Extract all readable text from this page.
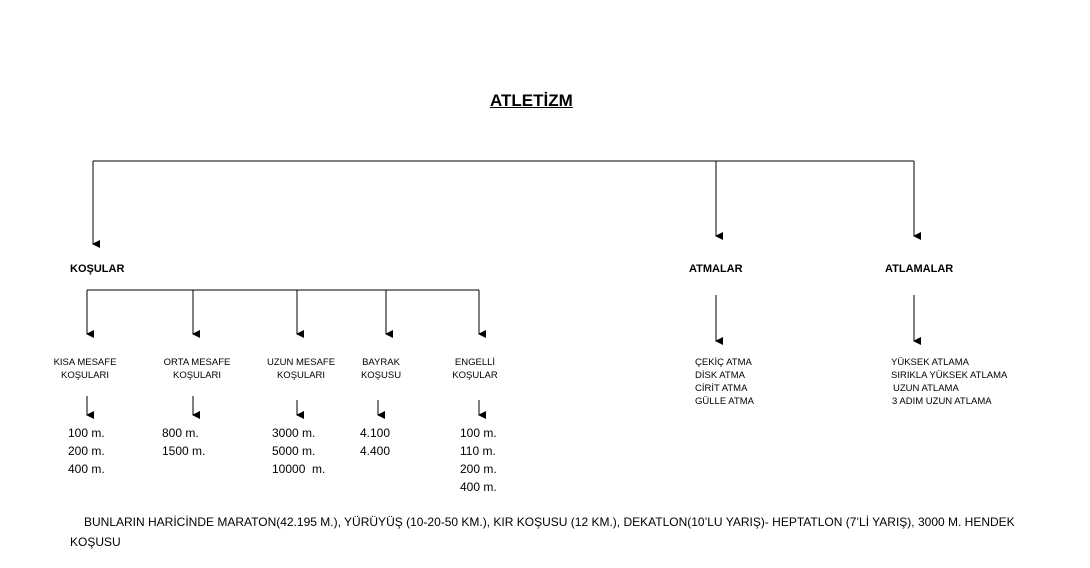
ATLETİZM
KOŞULAR	ATMALAR	ATLAMALAR
KISA MESAFE
KOŞULARI
ORTA MESAFE
KOŞULARI
UZUN MESAFE
KOŞULARI
BAYRAK
KOŞUSU
ENGELLİ
KOŞULAR
100 m.
200 m.
400 m.
800 m.
1500 m.
3000 m.
5000 m.
10000  m.
4.100
4.400
100 m.
110 m.
200 m.
400 m.
ÇEKİÇ ATMA
DİSK ATMA
CİRİT ATMA
GÜLLE ATMA
YÜKSEK ATLAMA
SIRIKLA YÜKSEK ATLAMA
UZUN ATLAMA
3 ADIM UZUN ATLAMA
BUNLARIN HARİCİNDE MARATON(42.195 M.), YÜRÜYÜŞ (10-20-50 KM.), KIR KOŞUSU (12 KM.), DEKATLON(10’LU YARIŞ)- HEPTATLON (7’Lİ YARIŞ), 3000 M. HENDEK KOŞUSU
